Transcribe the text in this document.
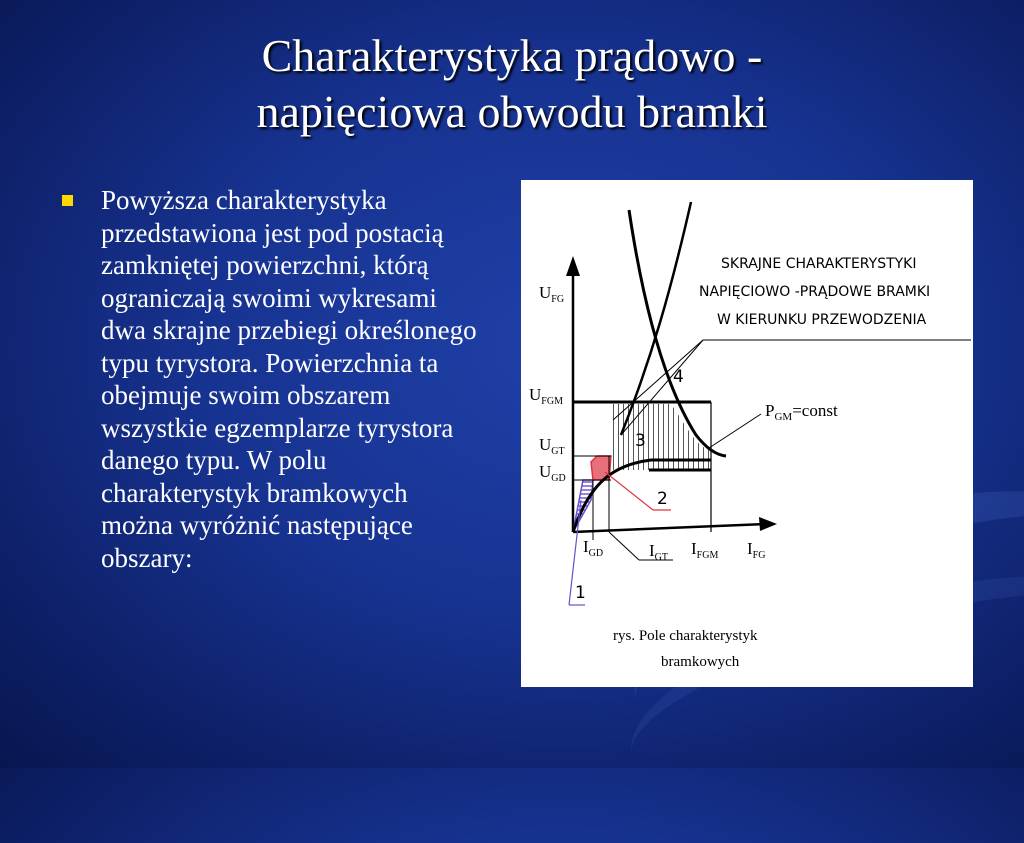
Charakterystyka prądowo -
napięciowa obwodu bramki
Powyższa charakterystyka przedstawiona jest pod postacią zamkniętej powierzchni, którą ograniczają swoimi wykresami dwa skrajne przebiegi określonego typu tyrystora. Powierzchnia ta obejmuje swoim obszarem wszystkie egzemplarze tyrystora danego typu. W polu charakterystyk bramkowych można wyróżnić następujące obszary:
SKRAJNE CHARAKTERYSTYKI
NAPIĘCIOWO -PRĄDOWE BRAMKI
W KIERUNKU PRZEWODZENIA
$P_{GM}=const$
$U_{FG}$
$U_{FGM}$
$U_{GT}$
$U_{GD}$
$I_{GD}$	$I_{GT}$ $I_{FGM}$ $I_{FG}$
1
2
3
4
rys. Pole charakterystyk
bramkowych
